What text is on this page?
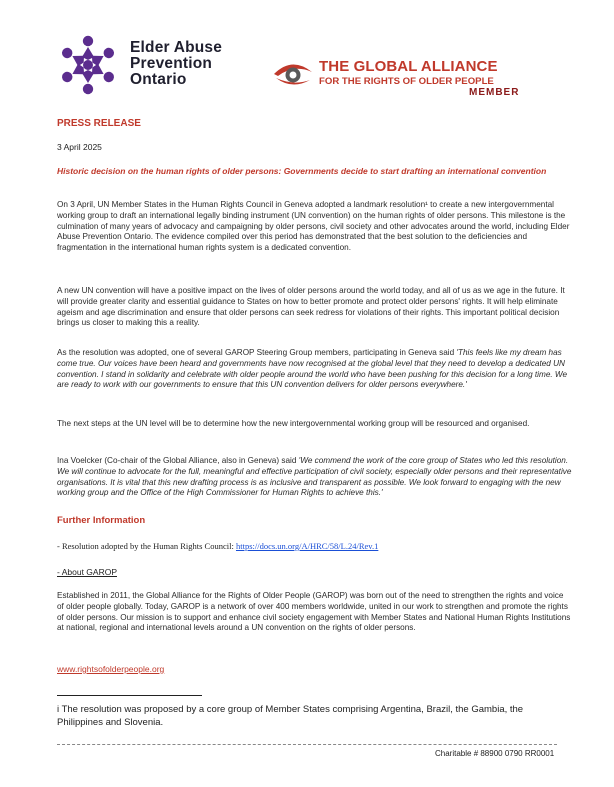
Elder Abuse
Prevention
Ontario
THE GLOBAL ALLIANCE
FOR THE RIGHTS OF OLDER PEOPLE
MEMBER
PRESS RELEASE
3 April 2025
Historic decision on the human rights of older persons: Governments decide to start drafting an international convention
On 3 April, UN Member States in the Human Rights Council in Geneva adopted a landmark resolution¹ to create a new intergovernmental working group to draft an international legally binding instrument (UN convention) on the human rights of older persons. This milestone is the culmination of many years of advocacy and campaigning by older persons, civil society and other advocates around the world, including Elder Abuse Prevention Ontario. The evidence compiled over this period has demonstrated that the best solution to the deficiencies and fragmentation in the international human rights system is a dedicated convention.
A new UN convention will have a positive impact on the lives of older persons around the world today, and all of us as we age in the future. It will provide greater clarity and essential guidance to States on how to better promote and protect older persons' rights. It will help eliminate ageism and age discrimination and ensure that older persons can seek redress for violations of their rights. This important political decision brings us closer to making this a reality.
As the resolution was adopted, one of several GAROP Steering Group members, participating in Geneva said 'This feels like my dream has come true. Our voices have been heard and governments have now recognised at the global level that they need to develop a dedicated UN convention. I stand in solidarity and celebrate with older people around the world who have been pushing for this decision for a long time. We are ready to work with our governments to ensure that this UN convention delivers for older persons everywhere.'
The next steps at the UN level will be to determine how the new intergovernmental working group will be resourced and organised.
Ina Voelcker (Co-chair of the Global Alliance, also in Geneva) said 'We commend the work of the core group of States who led this resolution. We will continue to advocate for the full, meaningful and effective participation of civil society, especially older persons and their representative organisations. It is vital that this new drafting process is as inclusive and transparent as possible. We look forward to engaging with the new working group and the Office of the High Commissioner for Human Rights to achieve this.'
Further Information
- Resolution adopted by the Human Rights Council: https://docs.un.org/A/HRC/58/L.24/Rev.1
- About GAROP
Established in 2011, the Global Alliance for the Rights of Older People (GAROP) was born out of the need to strengthen the rights and voice of older people globally. Today, GAROP is a network of over 400 members worldwide, united in our work to strengthen and promote the rights of older persons. Our mission is to support and enhance civil society engagement with Member States and National Human Rights Institutions at national, regional and international levels around a UN convention on the rights of older persons.
www.rightsofolderpeople.org
i The resolution was proposed by a core group of Member States comprising Argentina, Brazil, the Gambia, the Philippines and Slovenia.
Charitable # 88900 0790 RR0001
